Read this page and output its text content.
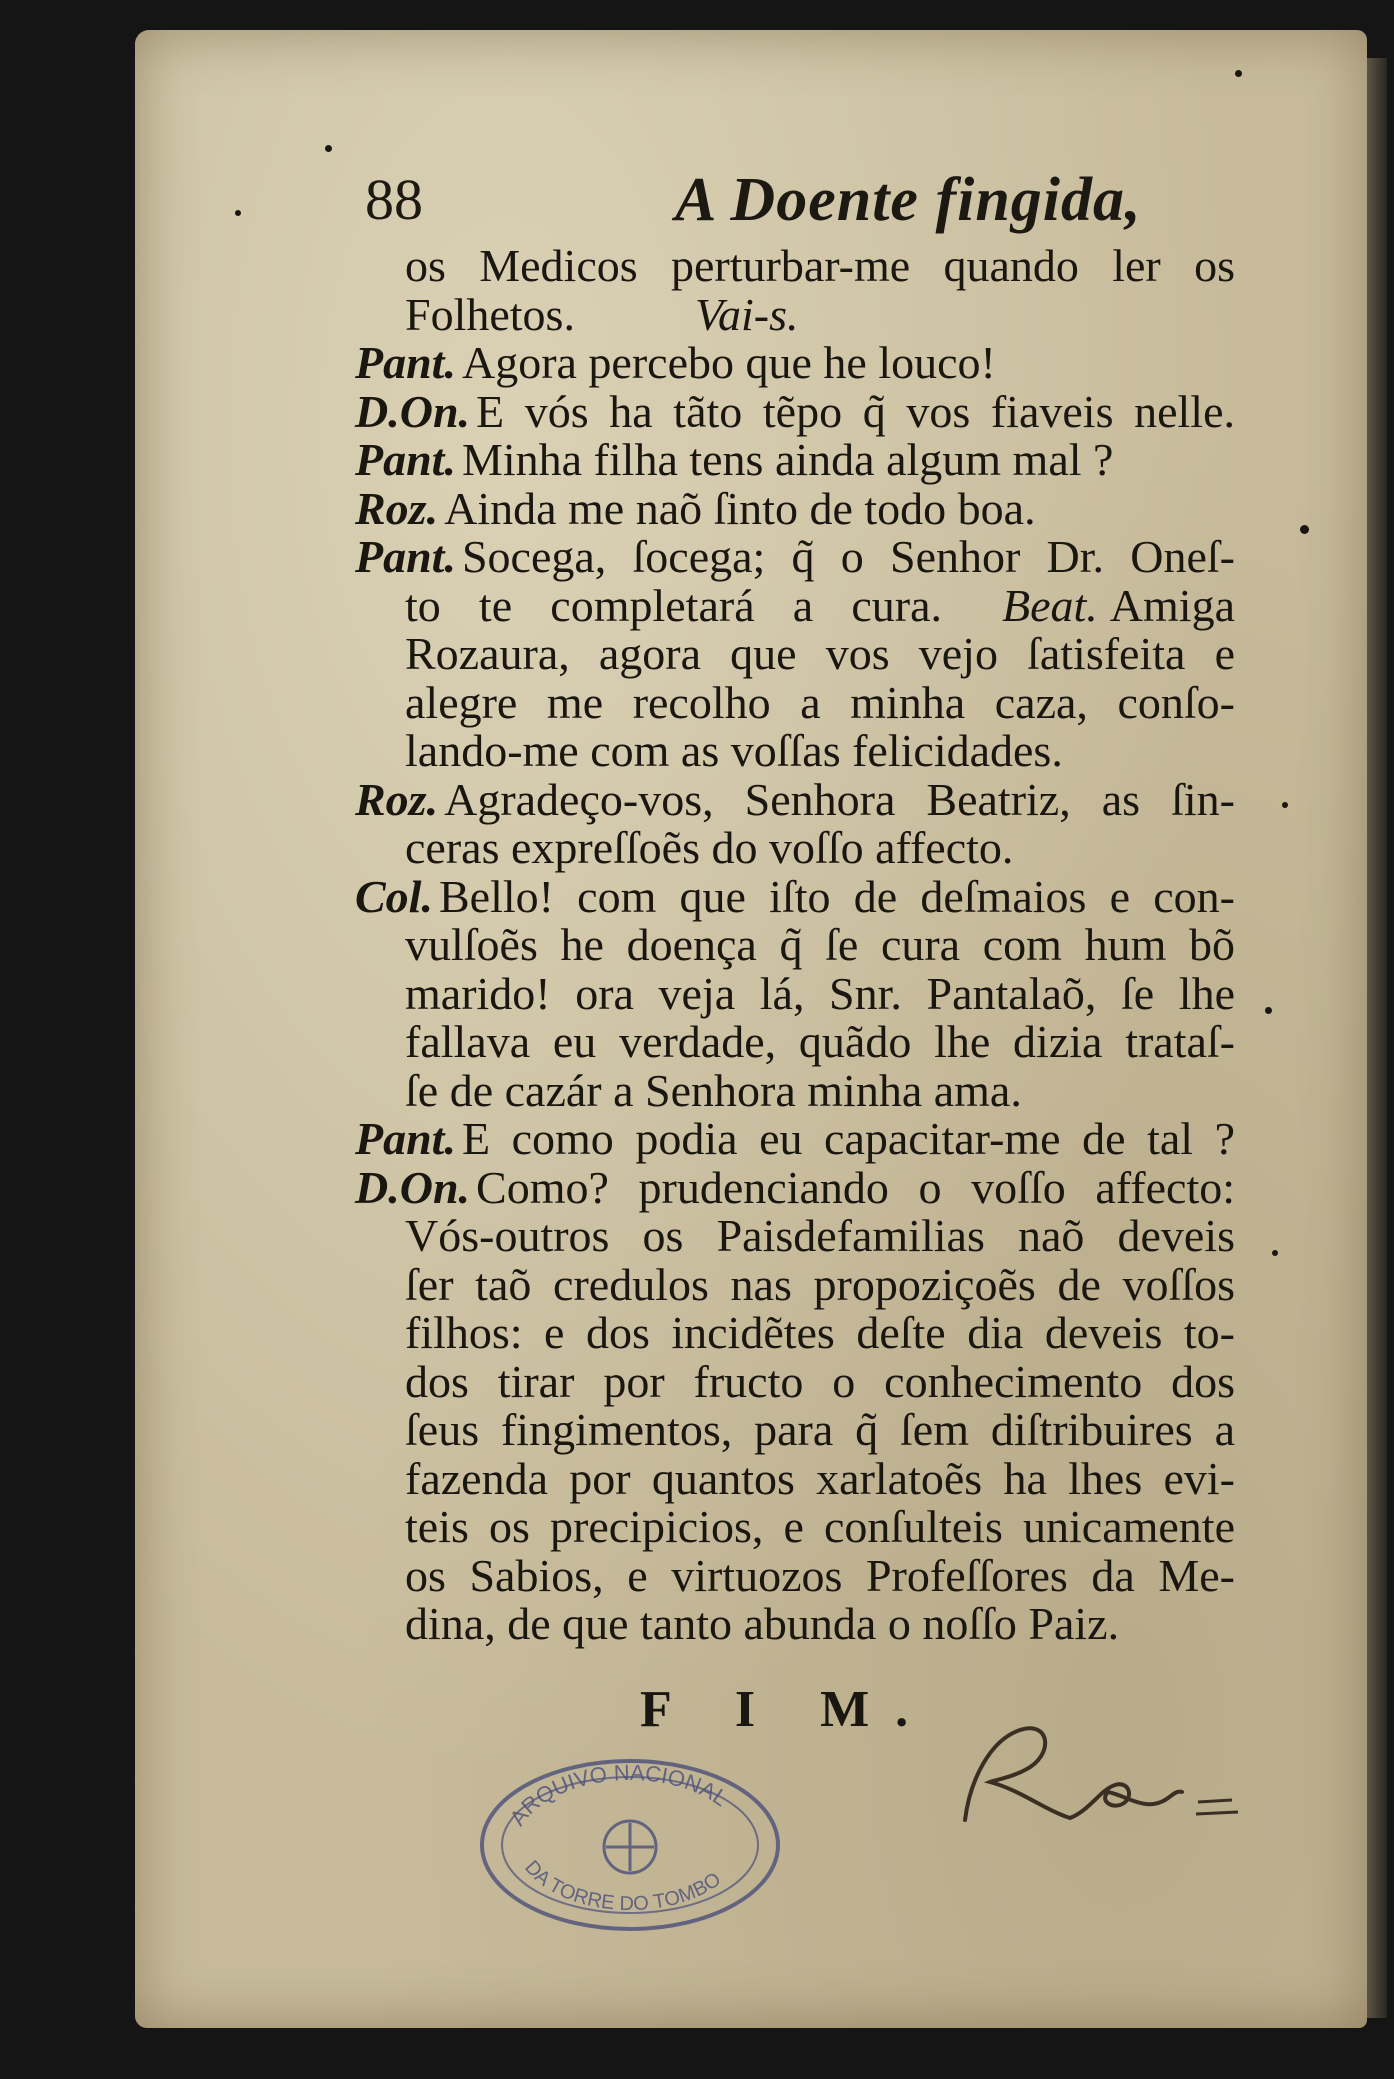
88	A Doente fingida,
os Medicos perturbar-me quando ler os
Folhetos.	Vai-s.
Pant. Agora percebo que he louco!
D.On. E vós ha tãto tẽpo q̃ vos fiaveis nelle.
Pant. Minha filha tens ainda algum mal ?
Roz. Ainda me naõ ſinto de todo boa.
Pant. Socega, ſocega; q̃ o Senhor Dr. Oneſ-
to te completará a cura. Beat. Amiga
Rozaura, agora que vos vejo ſatisfeita e
alegre me recolho a minha caza, conſo-
lando-me com as voſſas felicidades.
Roz. Agradeço-vos, Senhora Beatriz, as ſin-
ceras expreſſoẽs do voſſo affecto.
Col. Bello! com que iſto de deſmaios e con-
vulſoẽs he doença q̃ ſe cura com hum bõ
marido! ora veja lá, Snr. Pantalaõ, ſe lhe
fallava eu verdade, quãdo lhe dizia trataſ-
ſe de cazár a Senhora minha ama.
Pant. E como podia eu capacitar-me de tal ?
D.On. Como? prudenciando o voſſo affecto:
Vós-outros os Paisdefamilias naõ deveis
ſer taõ credulos nas propoziçoẽs de voſſos
filhos: e dos incidẽtes deſte dia deveis to-
dos tirar por fructo o conhecimento dos
ſeus fingimentos, para q̃ ſem diſtribuires a
fazenda por quantos xarlatoẽs ha lhes evi-
teis os precipicios, e conſulteis unicamente
os Sabios, e virtuozos Profeſſores da Me-
dina, de que tanto abunda o noſſo Paiz.
F I M.
ARQUIVO NACIONAL
DA TORRE DO TOMBO
